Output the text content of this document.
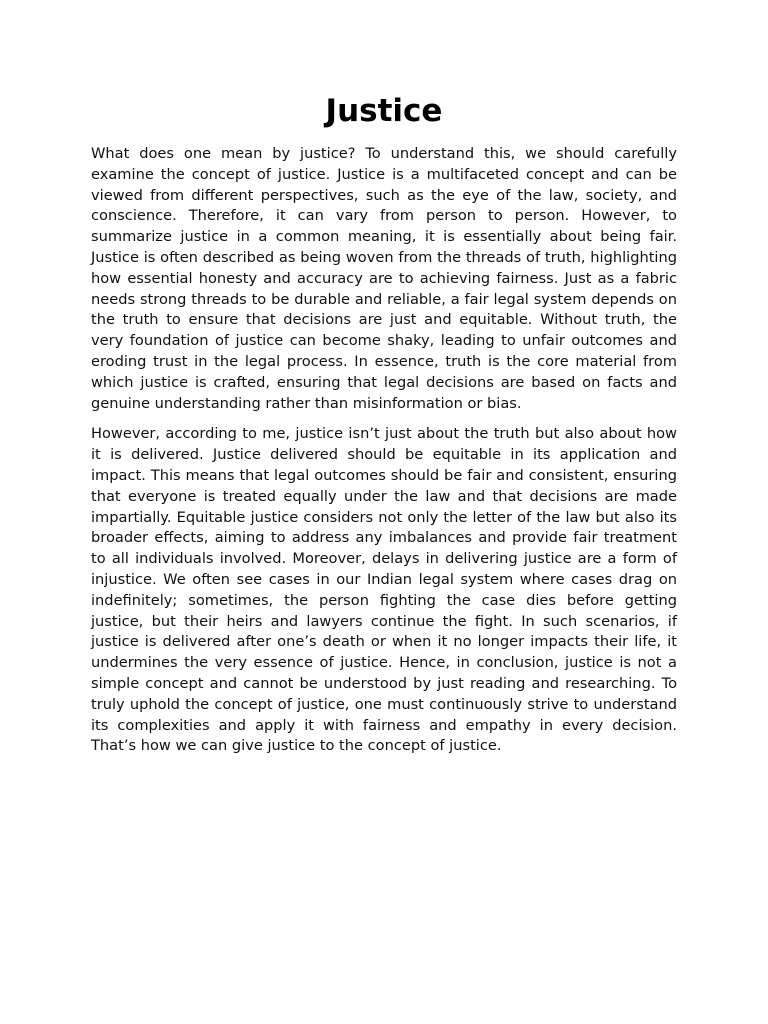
Justice

What does one mean by justice? To understand this, we should carefully examine the concept of justice. Justice is a multifaceted concept and can be viewed from different perspectives, such as the eye of the law, society, and conscience. Therefore, it can vary from person to person. However, to summarize justice in a common meaning, it is essentially about being fair. Justice is often described as being woven from the threads of truth, highlighting how essential honesty and accuracy are to achieving fairness. Just as a fabric needs strong threads to be durable and reliable, a fair legal system depends on the truth to ensure that decisions are just and equitable. Without truth, the very foundation of justice can become shaky, leading to unfair outcomes and eroding trust in the legal process. In essence, truth is the core material from which justice is crafted, ensuring that legal decisions are based on facts and genuine understanding rather than misinformation or bias.

However, according to me, justice isn’t just about the truth but also about how it is delivered. Justice delivered should be equitable in its application and impact. This means that legal outcomes should be fair and consistent, ensuring that everyone is treated equally under the law and that decisions are made impartially. Equitable justice considers not only the letter of the law but also its broader effects, aiming to address any imbalances and provide fair treatment to all individuals involved. Moreover, delays in delivering justice are a form of injustice. We often see cases in our Indian legal system where cases drag on indefinitely; sometimes, the person fighting the case dies before getting justice, but their heirs and lawyers continue the fight. In such scenarios, if justice is delivered after one’s death or when it no longer impacts their life, it undermines the very essence of justice. Hence, in conclusion, justice is not a simple concept and cannot be understood by just reading and researching. To truly uphold the concept of justice, one must continuously strive to understand its complexities and apply it with fairness and empathy in every decision. That’s how we can give justice to the concept of justice.
